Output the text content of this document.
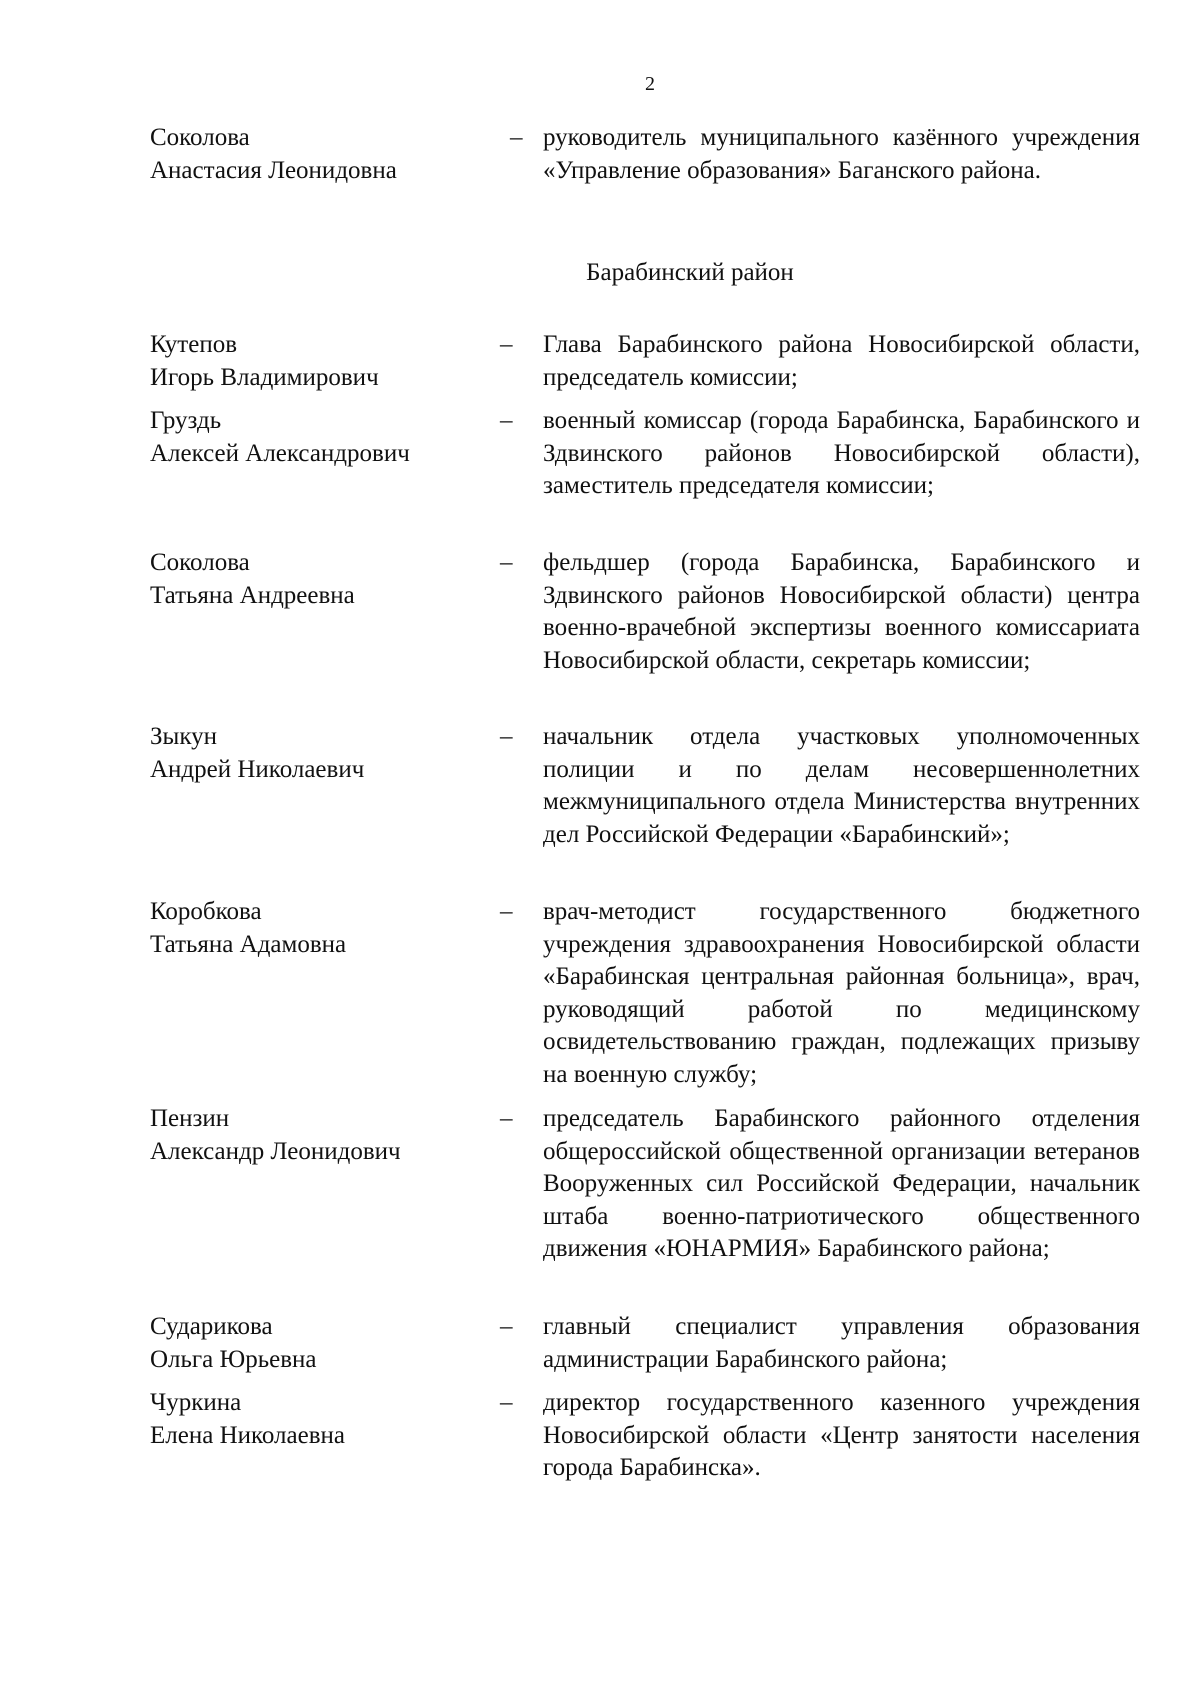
2
Соколова
Анастасия Леонидовна
– руководитель муниципального казённого учреждения «Управление образования» Баганского района.
Барабинский район
Кутепов
Игорь Владимирович
–	Глава Барабинского района Новосибирской области, председатель комиссии;
Груздь
Алексей Александрович
–	военный комиссар (города Барабинска, Барабинского и Здвинского районов Новосибирской области), заместитель председателя комиссии;
Соколова
Татьяна Андреевна
–	фельдшер (города Барабинска, Барабинского и Здвинского районов Новосибирской области) центра военно-врачебной экспертизы военного комиссариата Новосибирской области, секретарь комиссии;
Зыкун
Андрей Николаевич
–	начальник отдела участковых уполномоченных полиции и по делам несовершеннолетних межмуниципального отдела Министерства внутренних дел Российской Федерации «Барабинский»;
Коробкова
Татьяна Адамовна
–	врач-методист государственного бюджетного учреждения здравоохранения Новосибирской области «Барабинская центральная районная больница», врач, руководящий работой по медицинскому освидетельствованию граждан, подлежащих призыву на военную службу;
Пензин
Александр Леонидович
–	председатель Барабинского районного отделения общероссийской общественной организации ветеранов Вооруженных сил Российской Федерации, начальник штаба военно-патриотического общественного движения «ЮНАРМИЯ» Барабинского района;
Сударикова
Ольга Юрьевна
–	главный специалист управления образования администрации Барабинского района;
Чуркина
Елена Николаевна
–	директор государственного казенного учреждения Новосибирской области «Центр занятости населения города Барабинска».
